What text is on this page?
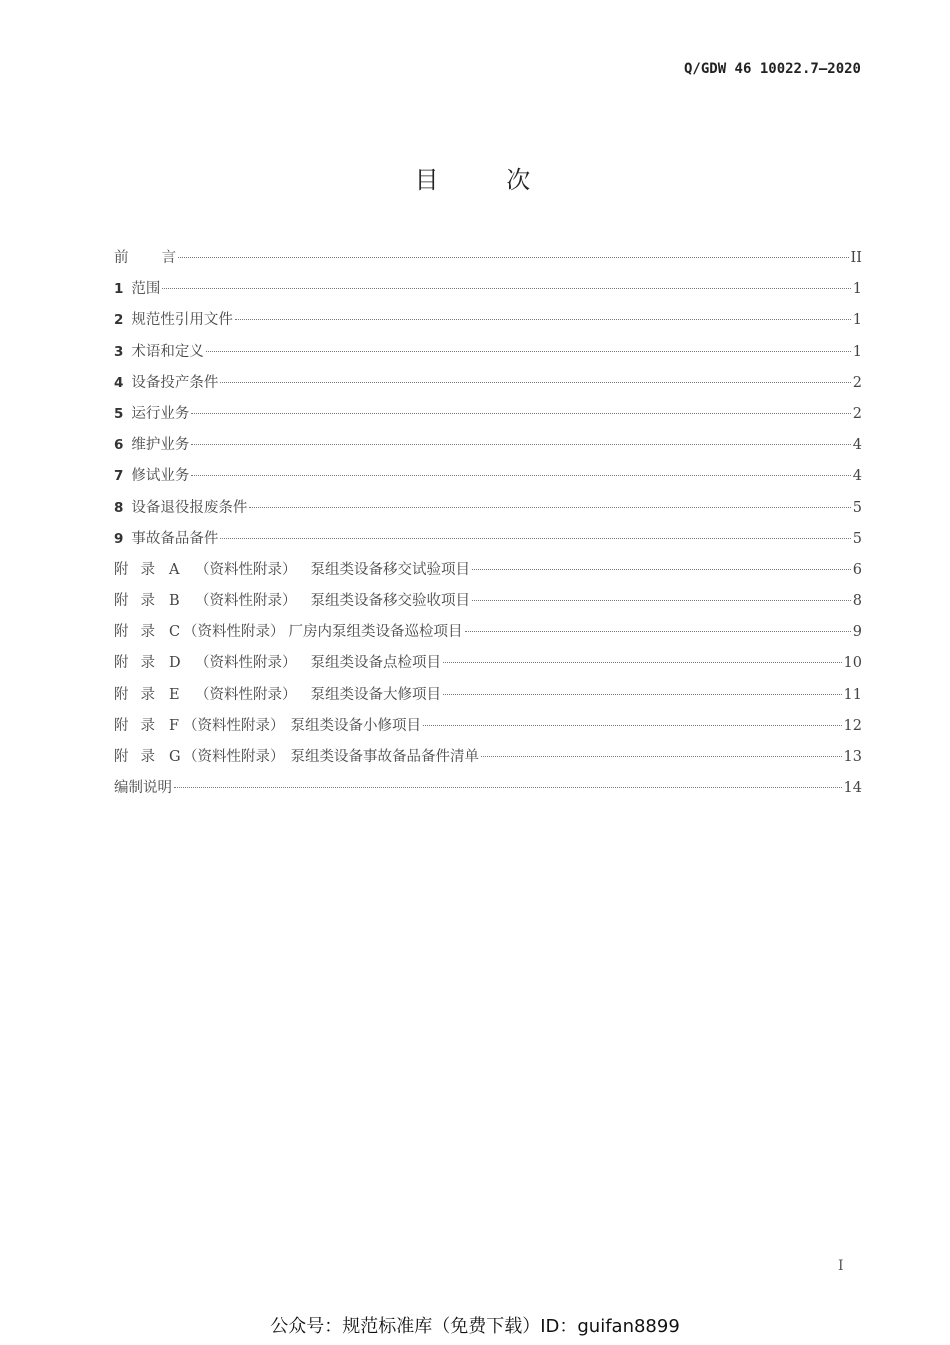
Q/GDW 46 10022.7—2020
目 次
前 言	II
1 范围	1
2 规范性引用文件	1
3 术语和定义	1
4 设备投产条件	2
5 运行业务	2
6 维护业务	4
7 修试业务	4
8 设备退役报废条件	5
9 事故备品备件	5
附 录 A （资料性附录） 泵组类设备移交试验项目	6
附 录 B （资料性附录） 泵组类设备移交验收项目	8
附 录 C （资料性附录） 厂房内泵组类设备巡检项目	9
附 录 D （资料性附录） 泵组类设备点检项目	10
附 录 E （资料性附录） 泵组类设备大修项目	11
附 录 F （资料性附录） 泵组类设备小修项目	12
附 录 G （资料性附录） 泵组类设备事故备品备件清单	13
编制说明	14
I
公众号：规范标准库（免费下载）ID：guifan8899
